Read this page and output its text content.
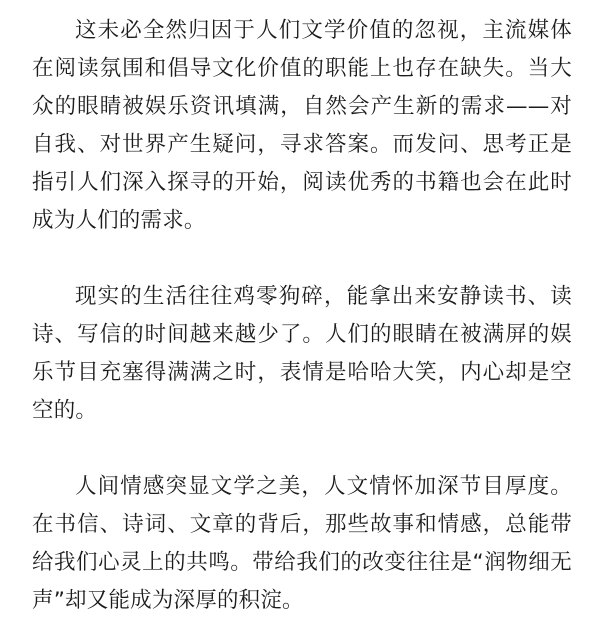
这未必全然归因于人们文学价值的忽视，主流媒体在阅读氛围和倡导文化价值的职能上也存在缺失。当大众的眼睛被娱乐资讯填满，自然会产生新的需求——对自我、对世界产生疑问，寻求答案。而发问、思考正是指引人们深入探寻的开始，阅读优秀的书籍也会在此时成为人们的需求。

现实的生活往往鸡零狗碎，能拿出来安静读书、读诗、写信的时间越来越少了。人们的眼睛在被满屏的娱乐节目充塞得满满之时，表情是哈哈大笑，内心却是空空的。

人间情感突显文学之美，人文情怀加深节目厚度。在书信、诗词、文章的背后，那些故事和情感，总能带给我们心灵上的共鸣。带给我们的改变往往是“润物细无声”却又能成为深厚的积淀。
